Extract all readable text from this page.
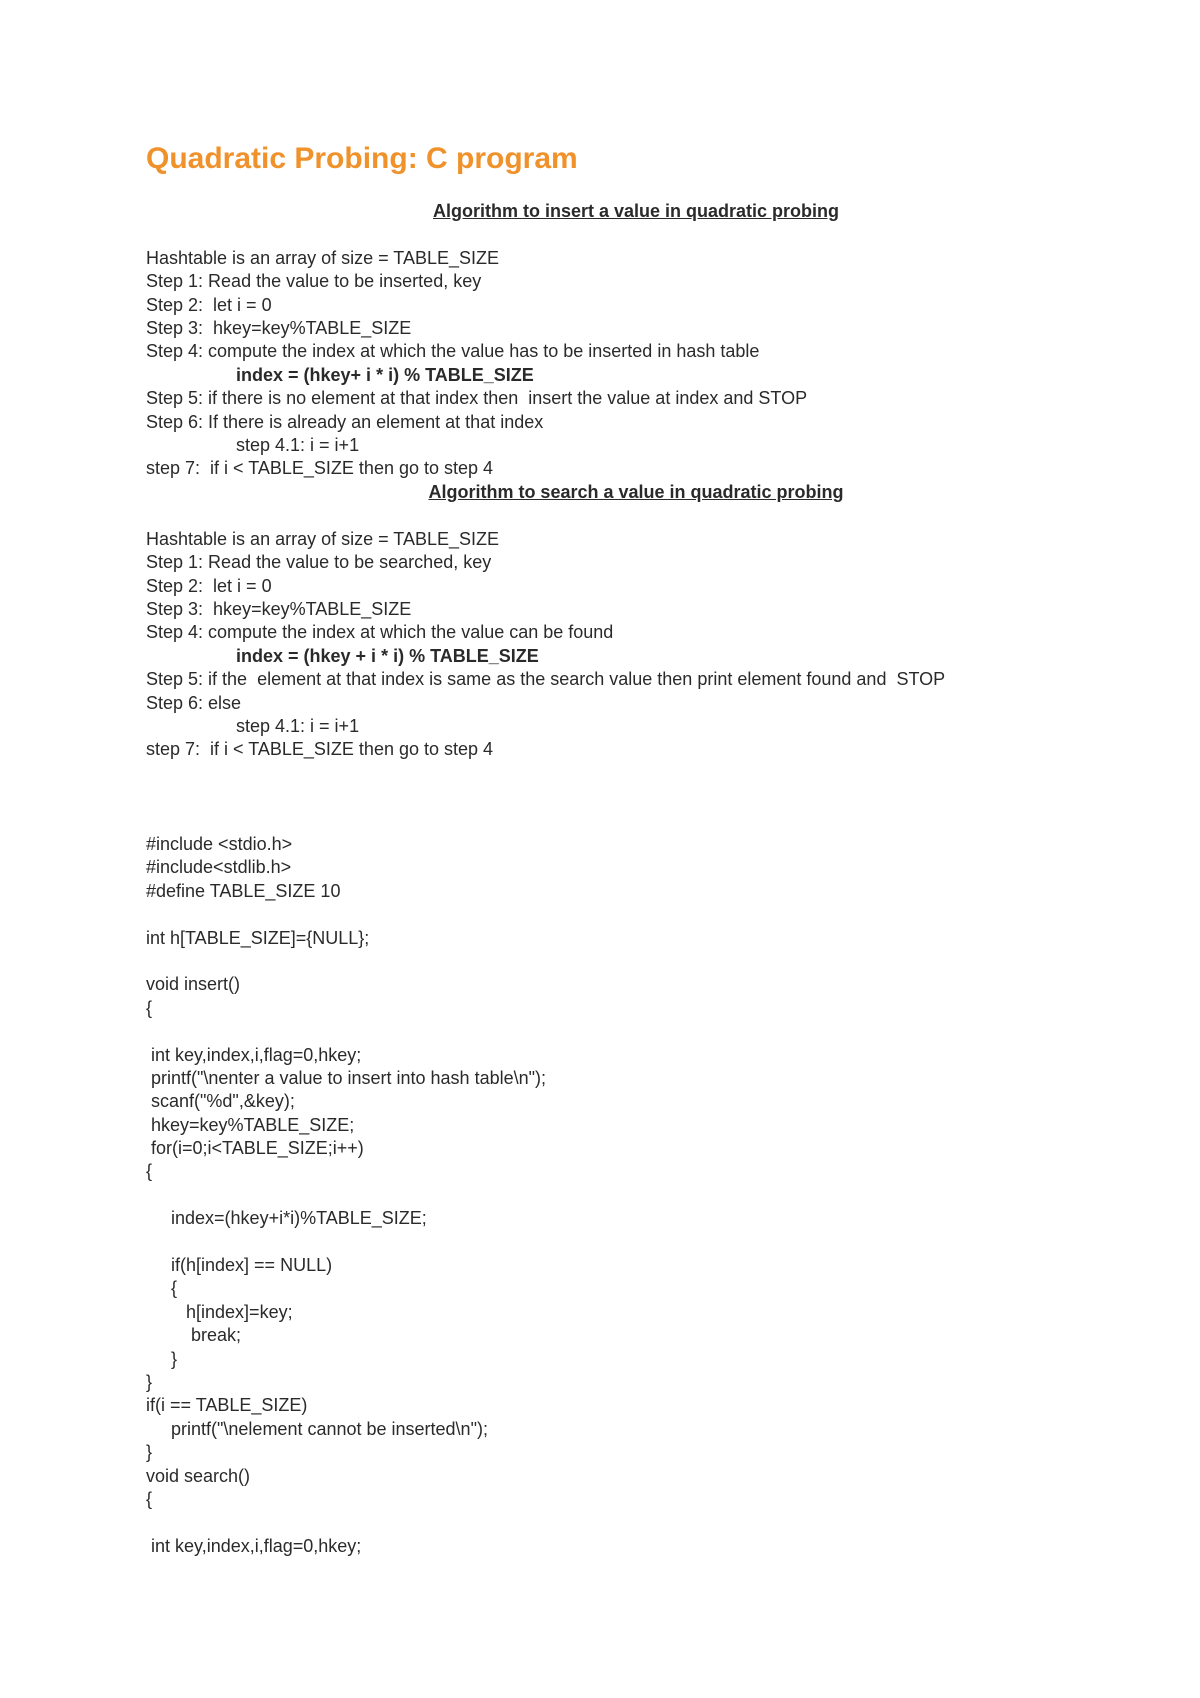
Quadratic Probing: C program
Algorithm to insert a value in quadratic probing
Hashtable is an array of size = TABLE_SIZE
Step 1: Read the value to be inserted, key
Step 2:  let i = 0
Step 3:  hkey=key%TABLE_SIZE
Step 4: compute the index at which the value has to be inserted in hash table
index = (hkey+ i * i) % TABLE_SIZE
Step 5: if there is no element at that index then  insert the value at index and STOP
Step 6: If there is already an element at that index
step 4.1: i = i+1
step 7:  if i < TABLE_SIZE then go to step 4
Algorithm to search a value in quadratic probing
Hashtable is an array of size = TABLE_SIZE
Step 1: Read the value to be searched, key
Step 2:  let i = 0
Step 3:  hkey=key%TABLE_SIZE
Step 4: compute the index at which the value can be found
index = (hkey + i * i) % TABLE_SIZE
Step 5: if the  element at that index is same as the search value then print element found and  STOP
Step 6: else
step 4.1: i = i+1
step 7:  if i < TABLE_SIZE then go to step 4
#include <stdio.h>
#include<stdlib.h>
#define TABLE_SIZE 10
int h[TABLE_SIZE]={NULL};
void insert()
{
int key,index,i,flag=0,hkey;
printf("\nenter a value to insert into hash table\n");
scanf("%d",&key);
hkey=key%TABLE_SIZE;
for(i=0;i<TABLE_SIZE;i++)
{
index=(hkey+i*i)%TABLE_SIZE;
if(h[index] == NULL)
{
h[index]=key;
break;
}
}
if(i == TABLE_SIZE)
printf("\nelement cannot be inserted\n");
}
void search()
{
int key,index,i,flag=0,hkey;
